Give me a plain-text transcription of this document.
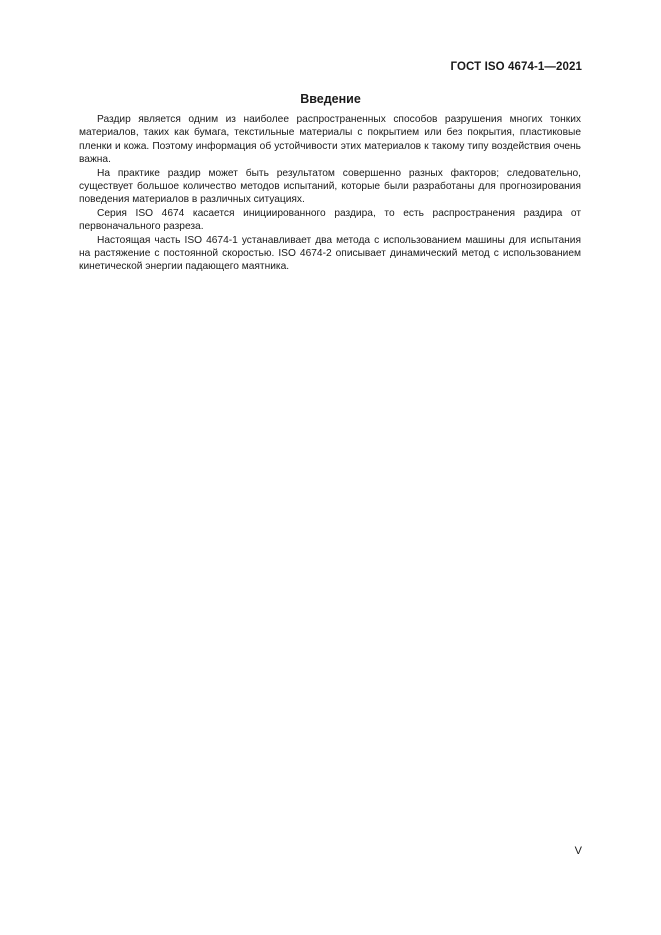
ГОСТ ISO 4674-1—2021
Введение

Раздир является одним из наиболее распространенных способов разрушения многих тонких материалов, таких как бумага, текстильные материалы с покрытием или без покрытия, пластиковые пленки и кожа. Поэтому информация об устойчивости этих материалов к такому типу воздействия очень важна.

На практике раздир может быть результатом совершенно разных факторов; следовательно, существует большое количество методов испытаний, которые были разработаны для прогнозирования поведения материалов в различных ситуациях.

Серия ISO 4674 касается инициированного раздира, то есть распространения раздира от первоначального разреза.

Настоящая часть ISO 4674-1 устанавливает два метода с использованием машины для испытания на растяжение с постоянной скоростью. ISO 4674-2 описывает динамический метод с использованием кинетической энергии падающего маятника.

V
